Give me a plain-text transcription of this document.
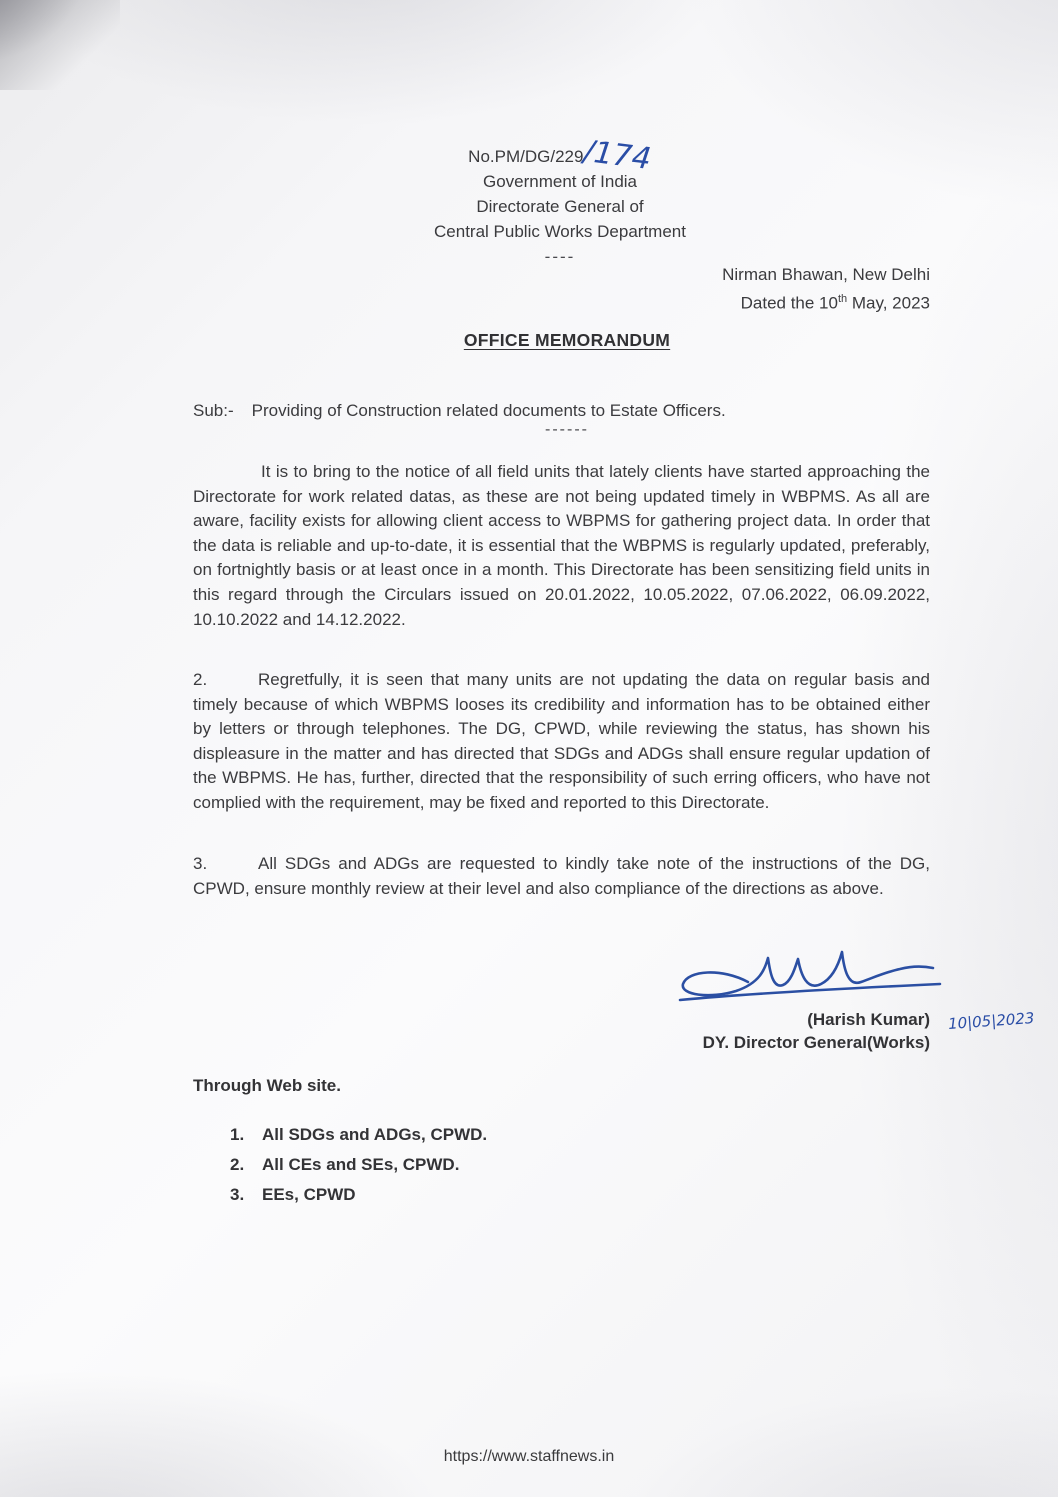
No.PM/DG/229/174
Government of India
Directorate General of
Central Public Works Department
----
Nirman Bhawan, New Delhi
Dated the 10th May, 2023
OFFICE MEMORANDUM
Sub:- Providing of Construction related documents to Estate Officers.
------

It is to bring to the notice of all field units that lately clients have started approaching the Directorate for work related datas, as these are not being updated timely in WBPMS. As all are aware, facility exists for allowing client access to WBPMS for gathering project data. In order that the data is reliable and up-to-date, it is essential that the WBPMS is regularly updated, preferably, on fortnightly basis or at least once in a month. This Directorate has been sensitizing field units in this regard through the Circulars issued on 20.01.2022, 10.05.2022, 07.06.2022, 06.09.2022, 10.10.2022 and 14.12.2022.

2.	Regretfully, it is seen that many units are not updating the data on regular basis and timely because of which WBPMS looses its credibility and information has to be obtained either by letters or through telephones. The DG, CPWD, while reviewing the status, has shown his displeasure in the matter and has directed that SDGs and ADGs shall ensure regular updation of the WBPMS. He has, further, directed that the responsibility of such erring officers, who have not complied with the requirement, may be fixed and reported to this Directorate.

3.	All SDGs and ADGs are requested to kindly take note of the instructions of the DG, CPWD, ensure monthly review at their level and also compliance of the directions as above.

10|05|2023
(Harish Kumar)
DY. Director General(Works)
Through Web site.
1. All SDGs and ADGs, CPWD.
2. All CEs and SEs, CPWD.
3. EEs, CPWD
https://www.staffnews.in
